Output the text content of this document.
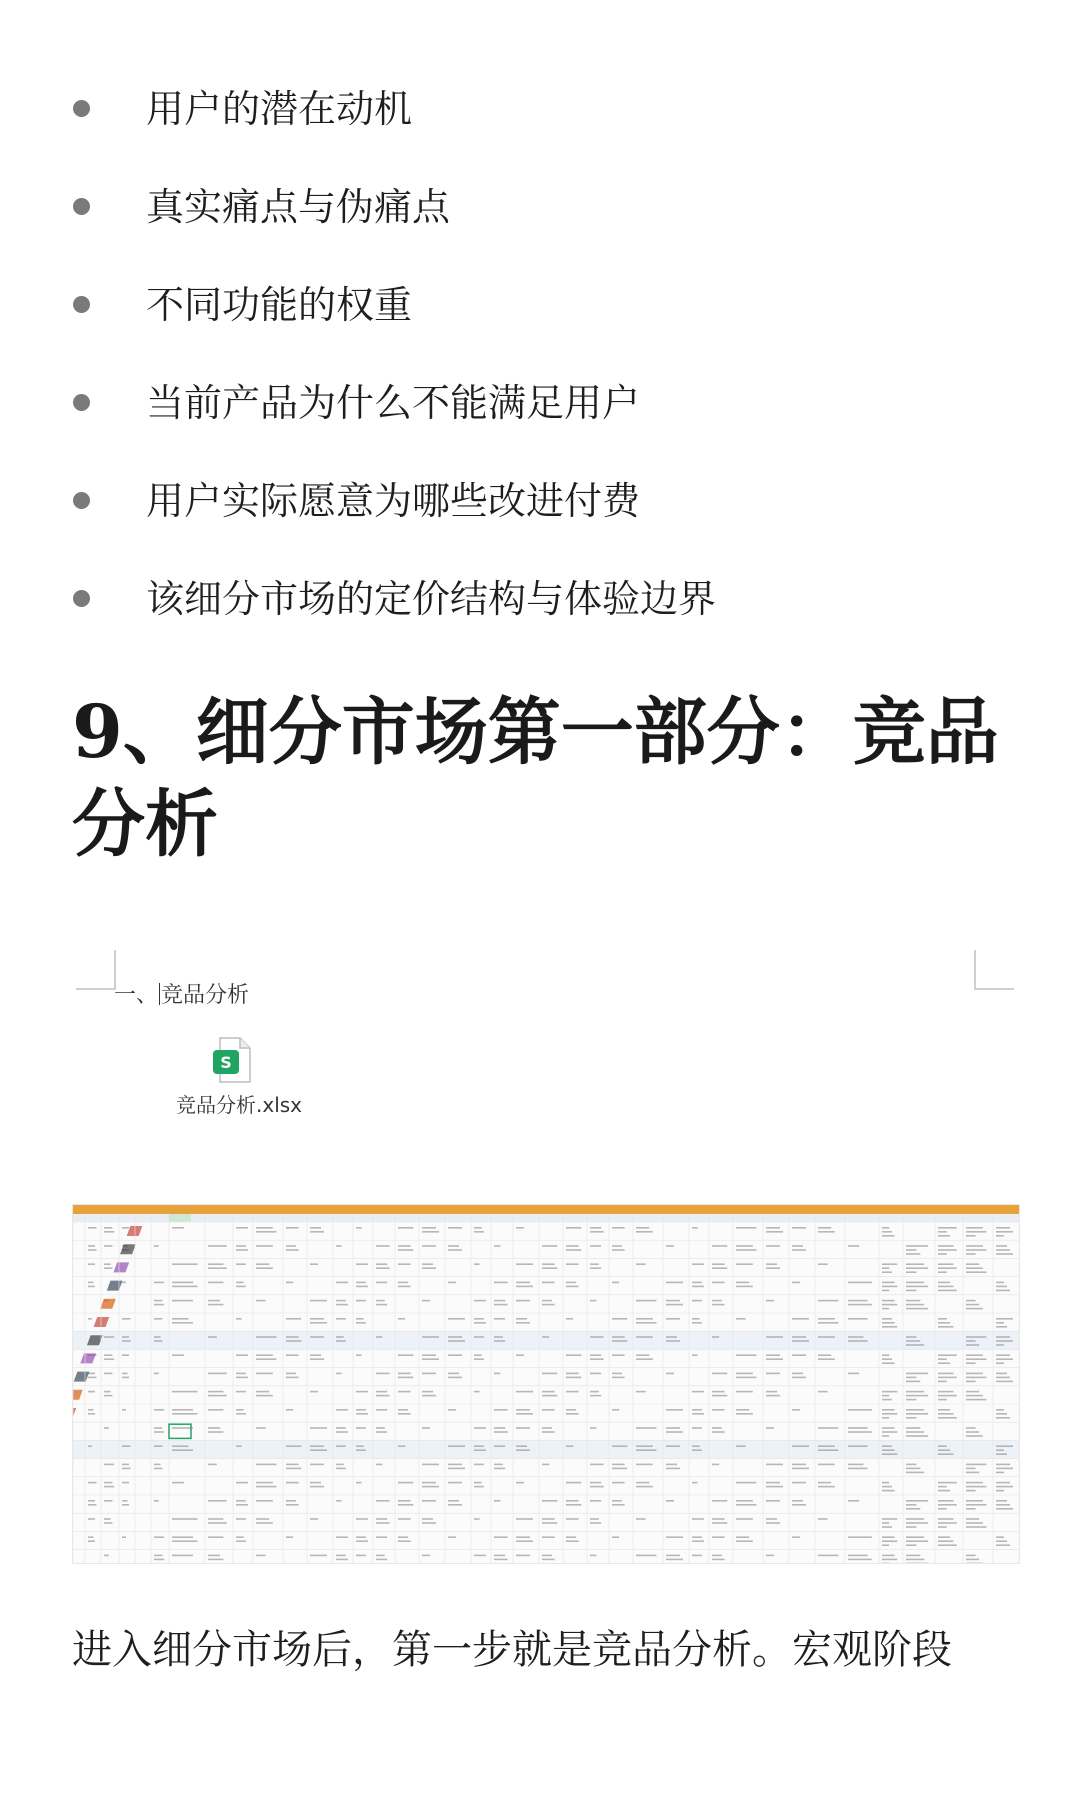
用户的潜在动机
真实痛点与伪痛点
不同功能的权重
当前产品为什么不能满足用户
用户实际愿意为哪些改进付费
该细分市场的定价结构与体验边界
9、细分市场第一部分：竞品分析
一、 竞品分析
S
竞品分析.xlsx
进入细分市场后，第一步就是竞品分析。宏观阶段
